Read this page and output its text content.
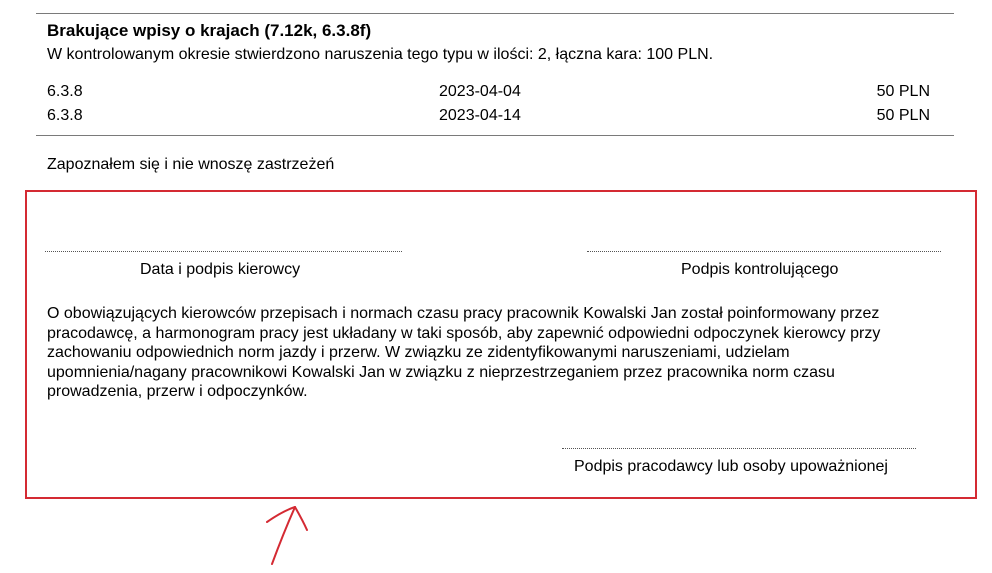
Brakujące wpisy o krajach (7.12k, 6.3.8f)
W kontrolowanym okresie stwierdzono naruszenia tego typu w ilości: 2, łączna kara: 100 PLN.
6.3.8	2023-04-04	50 PLN
6.3.8	2023-04-14	50 PLN
Zapoznałem się i nie wnoszę zastrzeżeń
Data i podpis kierowcy	Podpis kontrolującego
O obowiązujących kierowców przepisach i normach czasu pracy pracownik Kowalski Jan został poinformowany przez
pracodawcę, a harmonogram pracy jest układany w taki sposób, aby zapewnić odpowiedni odpoczynek kierowcy przy
zachowaniu odpowiednich norm jazdy i przerw. W związku ze zidentyfikowanymi naruszeniami, udzielam
upomnienia/nagany pracownikowi Kowalski Jan w związku z nieprzestrzeganiem przez pracownika norm czasu
prowadzenia, przerw i odpoczynków.
Podpis pracodawcy lub osoby upoważnionej
